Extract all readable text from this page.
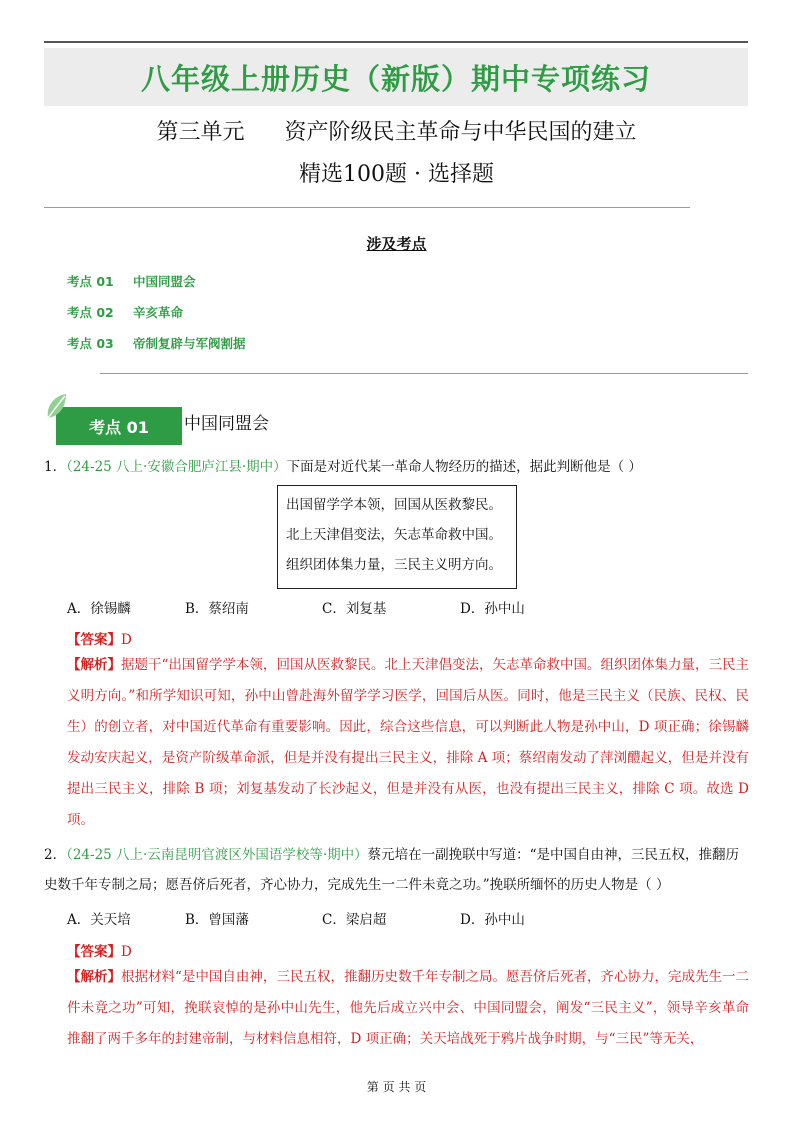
八年级上册历史（新版）期中专项练习
第三单元 资产阶级民主革命与中华民国的建立
精选100题 · 选择题
涉及考点
考点 01 中国同盟会
考点 02 辛亥革命
考点 03 帝制复辟与军阀割据
考点 01	中国同盟会
1．（24-25 八上·安徽合肥庐江县·期中）下面是对近代某一革命人物经历的描述，据此判断他是（ ）
出国留学学本领，回国从医救黎民。
北上天津倡变法，矢志革命救中国。
组织团体集力量，三民主义明方向。
A．徐锡麟	B．蔡绍南	C．刘复基	D．孙中山
【答案】D
【解析】据题干“出国留学学本领，回国从医救黎民。北上天津倡变法，矢志革命救中国。组织团体集力量，三民主义明方向。”和所学知识可知，孙中山曾赴海外留学学习医学，回国后从医。同时，他是三民主义（民族、民权、民生）的创立者，对中国近代革命有重要影响。因此，综合这些信息，可以判断此人物是孙中山，D 项正确；徐锡麟发动安庆起义，是资产阶级革命派，但是并没有提出三民主义，排除 A 项；蔡绍南发动了萍浏醴起义，但是并没有提出三民主义，排除 B 项；刘复基发动了长沙起义，但是并没有从医，也没有提出三民主义，排除 C 项。故选 D 项。
2．（24-25 八上·云南昆明官渡区外国语学校等·期中）蔡元培在一副挽联中写道：“是中国自由神，三民五权，推翻历史数千年专制之局；愿吾侪后死者，齐心协力，完成先生一二件未竟之功。”挽联所缅怀的历史人物是（ ）
A．关天培	B．曾国藩	C．梁启超	D．孙中山
【答案】D
【解析】根据材料“是中国自由神，三民五权，推翻历史数千年专制之局。愿吾侪后死者，齐心协力，完成先生一二件未竟之功”可知，挽联哀悼的是孙中山先生，他先后成立兴中会、中国同盟会，阐发“三民主义”，领导辛亥革命推翻了两千多年的封建帝制，与材料信息相符，D 项正确；关天培战死于鸦片战争时期，与“三民”等无关，
第 页 共 页
